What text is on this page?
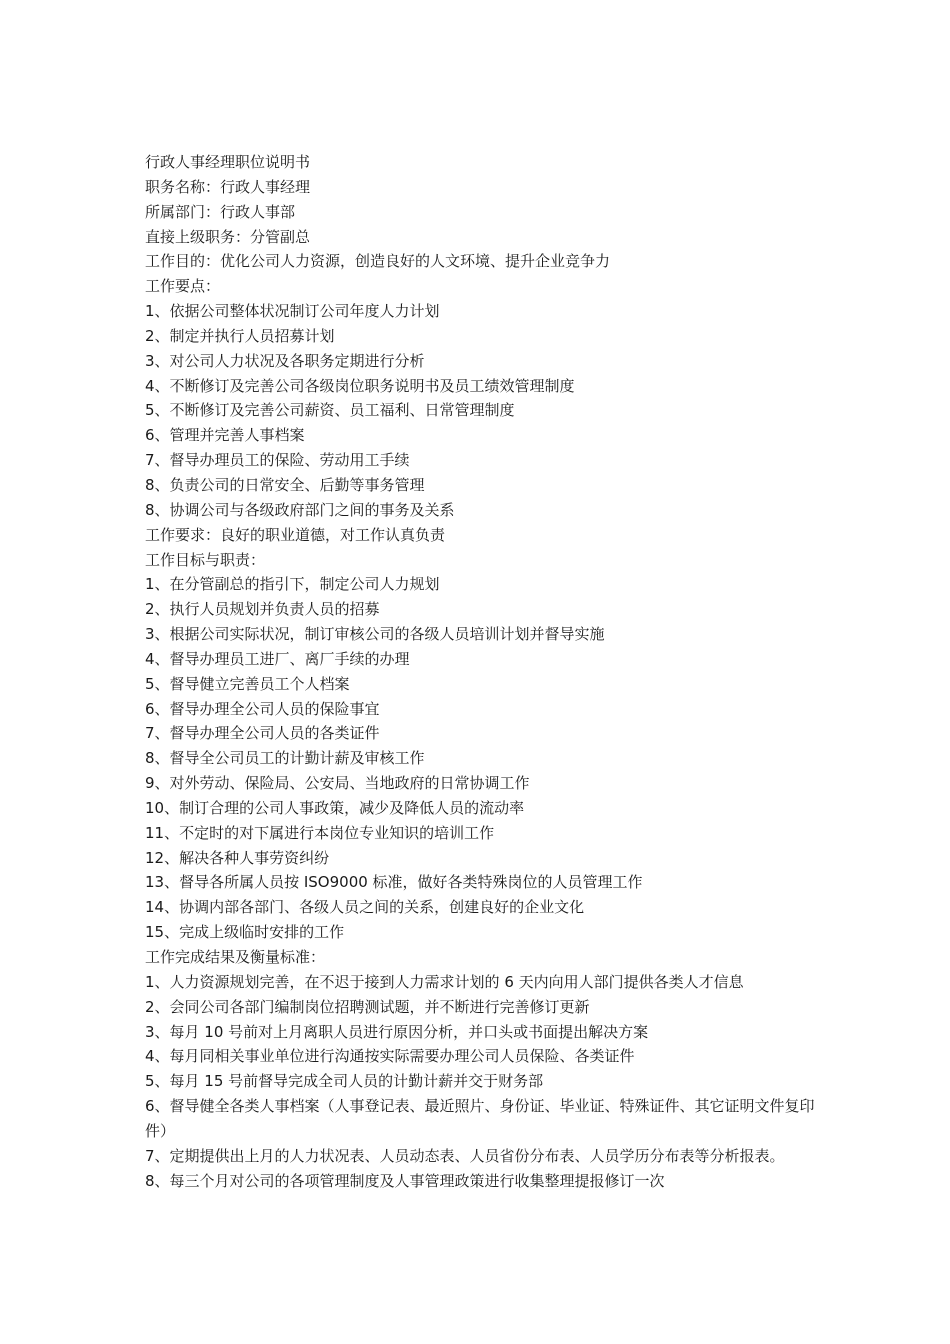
行政人事经理职位说明书

职务名称：行政人事经理

所属部门：行政人事部

直接上级职务：分管副总

工作目的：优化公司人力资源，创造良好的人文环境、提升企业竞争力

工作要点：

1、依据公司整体状况制订公司年度人力计划

2、制定并执行人员招募计划

3、对公司人力状况及各职务定期进行分析

4、不断修订及完善公司各级岗位职务说明书及员工绩效管理制度

5、不断修订及完善公司薪资、员工福利、日常管理制度

6、管理并完善人事档案

7、督导办理员工的保险、劳动用工手续

8、负责公司的日常安全、后勤等事务管理

8、协调公司与各级政府部门之间的事务及关系

工作要求：良好的职业道德，对工作认真负责

工作目标与职责：

1、在分管副总的指引下，制定公司人力规划

2、执行人员规划并负责人员的招募

3、根据公司实际状况，制订审核公司的各级人员培训计划并督导实施

4、督导办理员工进厂、离厂手续的办理

5、督导健立完善员工个人档案

6、督导办理全公司人员的保险事宜

7、督导办理全公司人员的各类证件

8、督导全公司员工的计勤计薪及审核工作

9、对外劳动、保险局、公安局、当地政府的日常协调工作

10、制订合理的公司人事政策，减少及降低人员的流动率

11、不定时的对下属进行本岗位专业知识的培训工作

12、解决各种人事劳资纠纷

13、督导各所属人员按 ISO9000 标准，做好各类特殊岗位的人员管理工作

14、协调内部各部门、各级人员之间的关系，创建良好的企业文化

15、完成上级临时安排的工作

工作完成结果及衡量标准：

1、人力资源规划完善，在不迟于接到人力需求计划的 6 天内向用人部门提供各类人才信息

2、会同公司各部门编制岗位招聘测试题，并不断进行完善修订更新

3、每月 10 号前对上月离职人员进行原因分析，并口头或书面提出解决方案

4、每月同相关事业单位进行沟通按实际需要办理公司人员保险、各类证件

5、每月 15 号前督导完成全司人员的计勤计薪并交于财务部

6、督导健全各类人事档案（人事登记表、最近照片、身份证、毕业证、特殊证件、其它证明文件复印件）

7、定期提供出上月的人力状况表、人员动态表、人员省份分布表、人员学历分布表等分析报表。

8、每三个月对公司的各项管理制度及人事管理政策进行收集整理提报修订一次
